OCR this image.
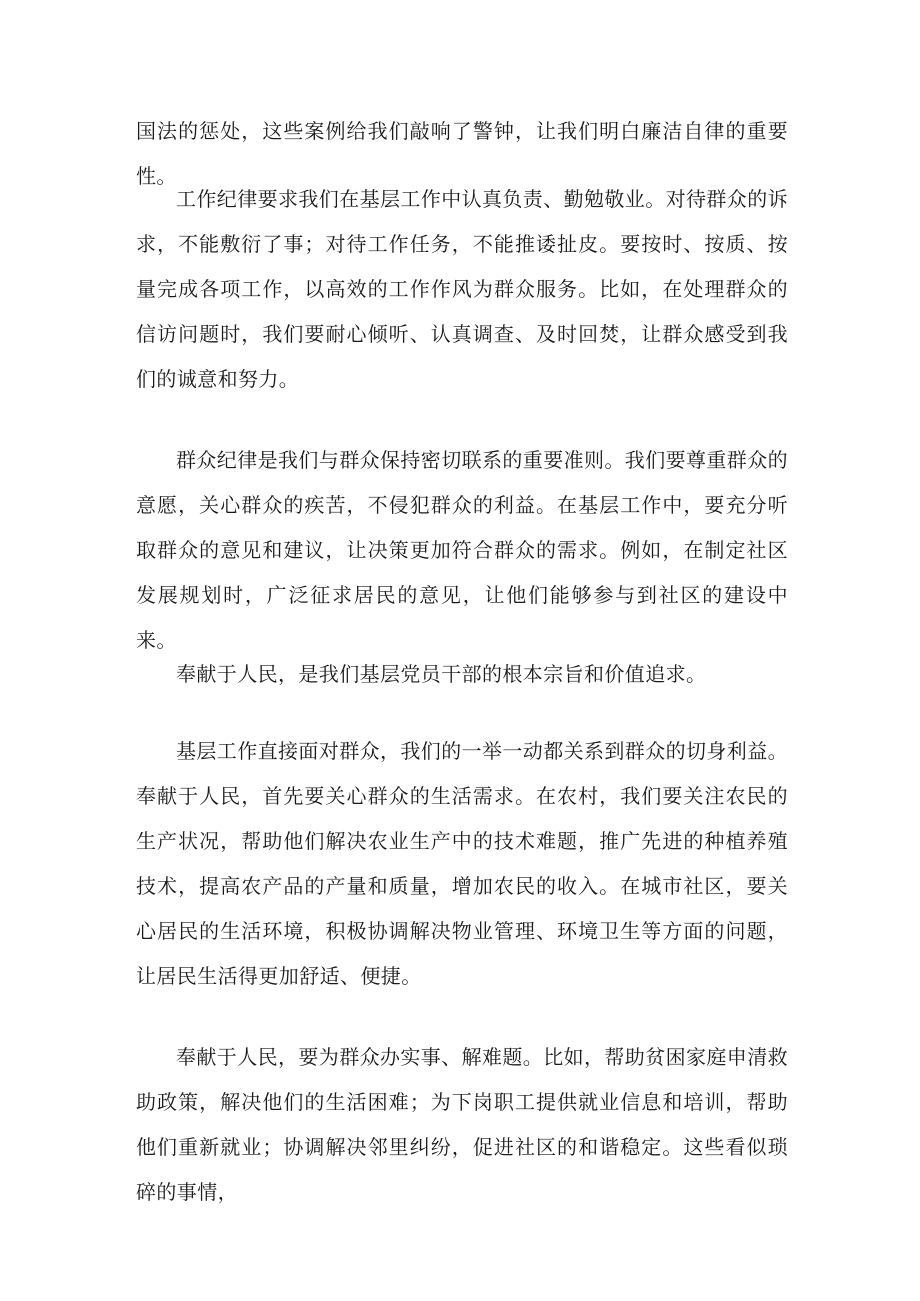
国法的惩处，这些案例给我们敲响了警钟，让我们明白廉洁自律的重要性。

工作纪律要求我们在基层工作中认真负责、勤勉敬业。对待群众的诉求，不能敷衍了事；对待工作任务，不能推诿扯皮。要按时、按质、按量完成各项工作，以高效的工作作风为群众服务。比如，在处理群众的信访问题时，我们要耐心倾听、认真调查、及时回焚，让群众感受到我们的诚意和努力。

群众纪律是我们与群众保持密切联系的重要准则。我们要尊重群众的意愿，关心群众的疾苦，不侵犯群众的利益。在基层工作中，要充分听取群众的意见和建议，让决策更加符合群众的需求。例如，在制定社区发展规划时，广泛征求居民的意见，让他们能够参与到社区的建设中来。

奉献于人民，是我们基层党员干部的根本宗旨和价值追求。

基层工作直接面对群众，我们的一举一动都关系到群众的切身利益。奉献于人民，首先要关心群众的生活需求。在农村，我们要关注农民的生产状况，帮助他们解决农业生产中的技术难题，推广先进的种植养殖技术，提高农产品的产量和质量，增加农民的收入。在城市社区，要关心居民的生活环境，积极协调解决物业管理、环境卫生等方面的问题，让居民生活得更加舒适、便捷。

奉献于人民，要为群众办实事、解难题。比如，帮助贫困家庭申清救助政策，解决他们的生活困难；为下岗职工提供就业信息和培训，帮助他们重新就业；协调解决邻里纠纷，促进社区的和谐稳定。这些看似琐碎的事情，
